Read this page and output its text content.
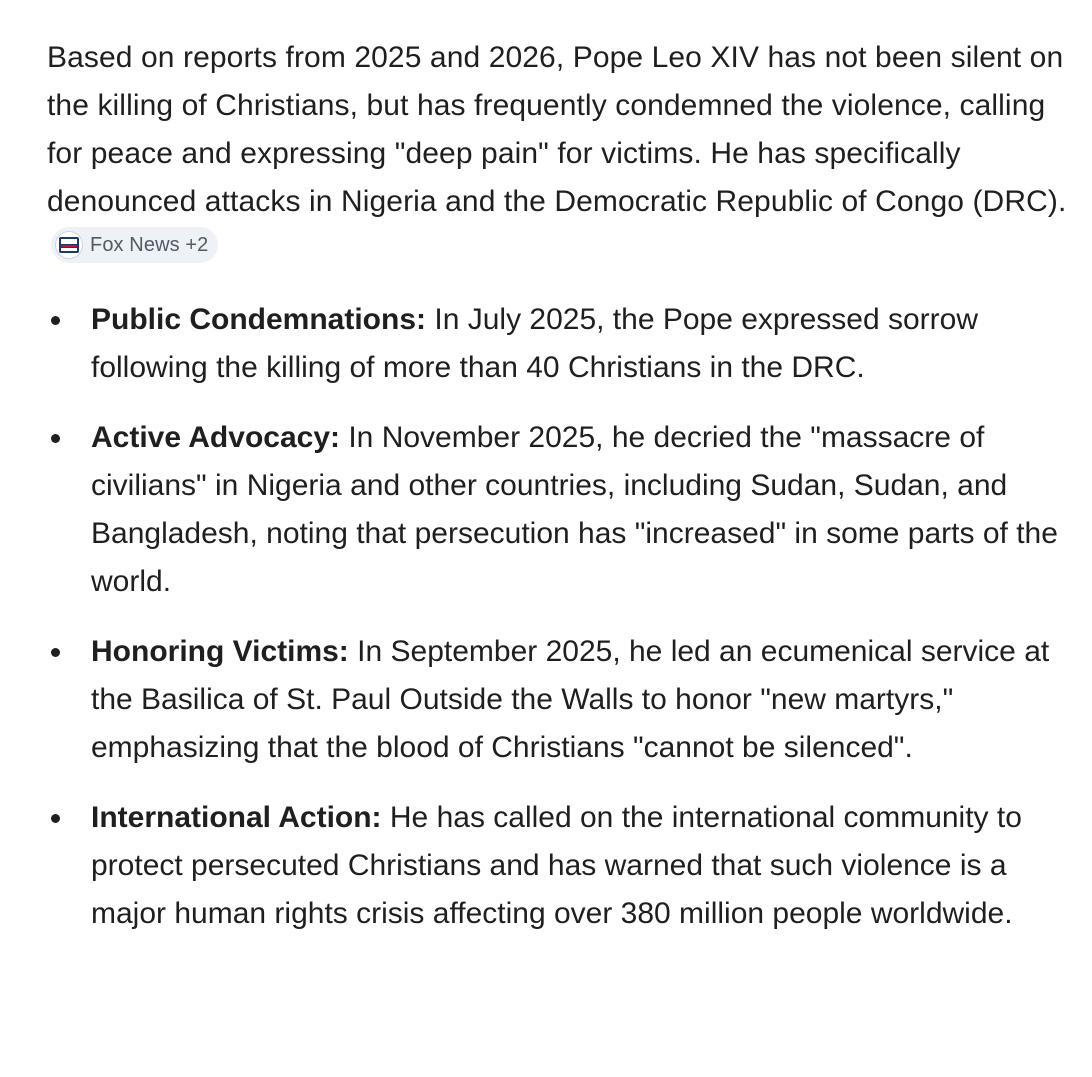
Based on reports from 2025 and 2026, Pope Leo XIV has not been silent on the killing of Christians, but has frequently condemned the violence, calling for peace and expressing "deep pain" for victims. He has specifically denounced attacks in Nigeria and the Democratic Republic of Congo (DRC).
Fox News +2

Public Condemnations: In July 2025, the Pope expressed sorrow following the killing of more than 40 Christians in the DRC.
Active Advocacy: In November 2025, he decried the "massacre of civilians" in Nigeria and other countries, including Sudan, Sudan, and Bangladesh, noting that persecution has "increased" in some parts of the world.
Honoring Victims: In September 2025, he led an ecumenical service at the Basilica of St. Paul Outside the Walls to honor "new martyrs," emphasizing that the blood of Christians "cannot be silenced".
International Action: He has called on the international community to protect persecuted Christians and has warned that such violence is a major human rights crisis affecting over 380 million people worldwide.
